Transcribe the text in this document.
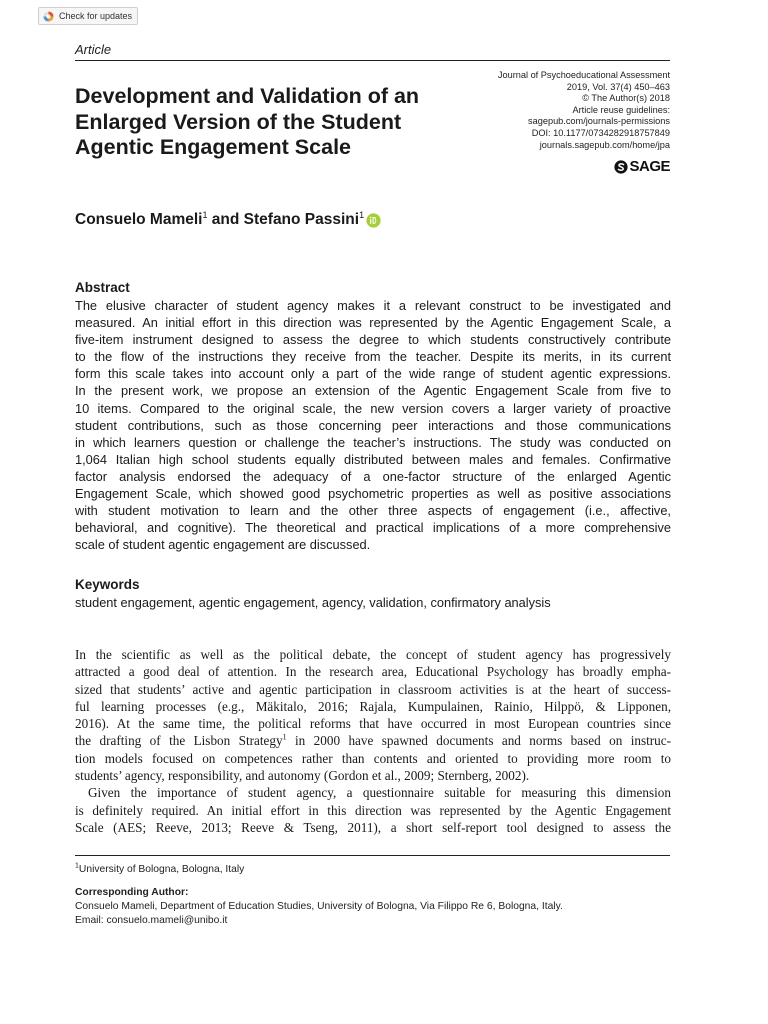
Check for updates
Article
Development and Validation of an
Enlarged Version of the Student
Agentic Engagement Scale
Journal of Psychoeducational Assessment
2019, Vol. 37(4) 450–463
© The Author(s) 2018
Article reuse guidelines:
sagepub.com/journals-permissions
DOI: 10.1177/0734282918757849
journals.sagepub.com/home/jpa
SAGE
Consuelo Mameli$^1$ and Stefano Passini$^1$
Abstract
The elusive character of student agency makes it a relevant construct to be investigated and
measured. An initial effort in this direction was represented by the Agentic Engagement Scale, a
five-item instrument designed to assess the degree to which students constructively contribute
to the flow of the instructions they receive from the teacher. Despite its merits, in its current
form this scale takes into account only a part of the wide range of student agentic expressions.
In the present work, we propose an extension of the Agentic Engagement Scale from five to
10 items. Compared to the original scale, the new version covers a larger variety of proactive
student contributions, such as those concerning peer interactions and those communications
in which learners question or challenge the teacher’s instructions. The study was conducted on
1,064 Italian high school students equally distributed between males and females. Confirmative
factor analysis endorsed the adequacy of a one-factor structure of the enlarged Agentic
Engagement Scale, which showed good psychometric properties as well as positive associations
with student motivation to learn and the other three aspects of engagement (i.e., affective,
behavioral, and cognitive). The theoretical and practical implications of a more comprehensive
scale of student agentic engagement are discussed.
Keywords
student engagement, agentic engagement, agency, validation, confirmatory analysis
In the scientific as well as the political debate, the concept of student agency has progressively
attracted a good deal of attention. In the research area, Educational Psychology has broadly empha-
sized that students’ active and agentic participation in classroom activities is at the heart of success-
ful learning processes (e.g., Mäkitalo, 2016; Rajala, Kumpulainen, Rainio, Hilppö, & Lipponen,
2016). At the same time, the political reforms that have occurred in most European countries since
the drafting of the Lisbon Strategy$^1$ in 2000 have spawned documents and norms based on instruc-
tion models focused on competences rather than contents and oriented to providing more room to
students’ agency, responsibility, and autonomy (Gordon et al., 2009; Sternberg, 2002).
Given the importance of student agency, a questionnaire suitable for measuring this dimension
is definitely required. An initial effort in this direction was represented by the Agentic Engagement
Scale (AES; Reeve, 2013; Reeve & Tseng, 2011), a short self-report tool designed to assess the
$^1$University of Bologna, Bologna, Italy
Corresponding Author:
Consuelo Mameli, Department of Education Studies, University of Bologna, Via Filippo Re 6, Bologna, Italy.
Email: consuelo.mameli@unibo.it
